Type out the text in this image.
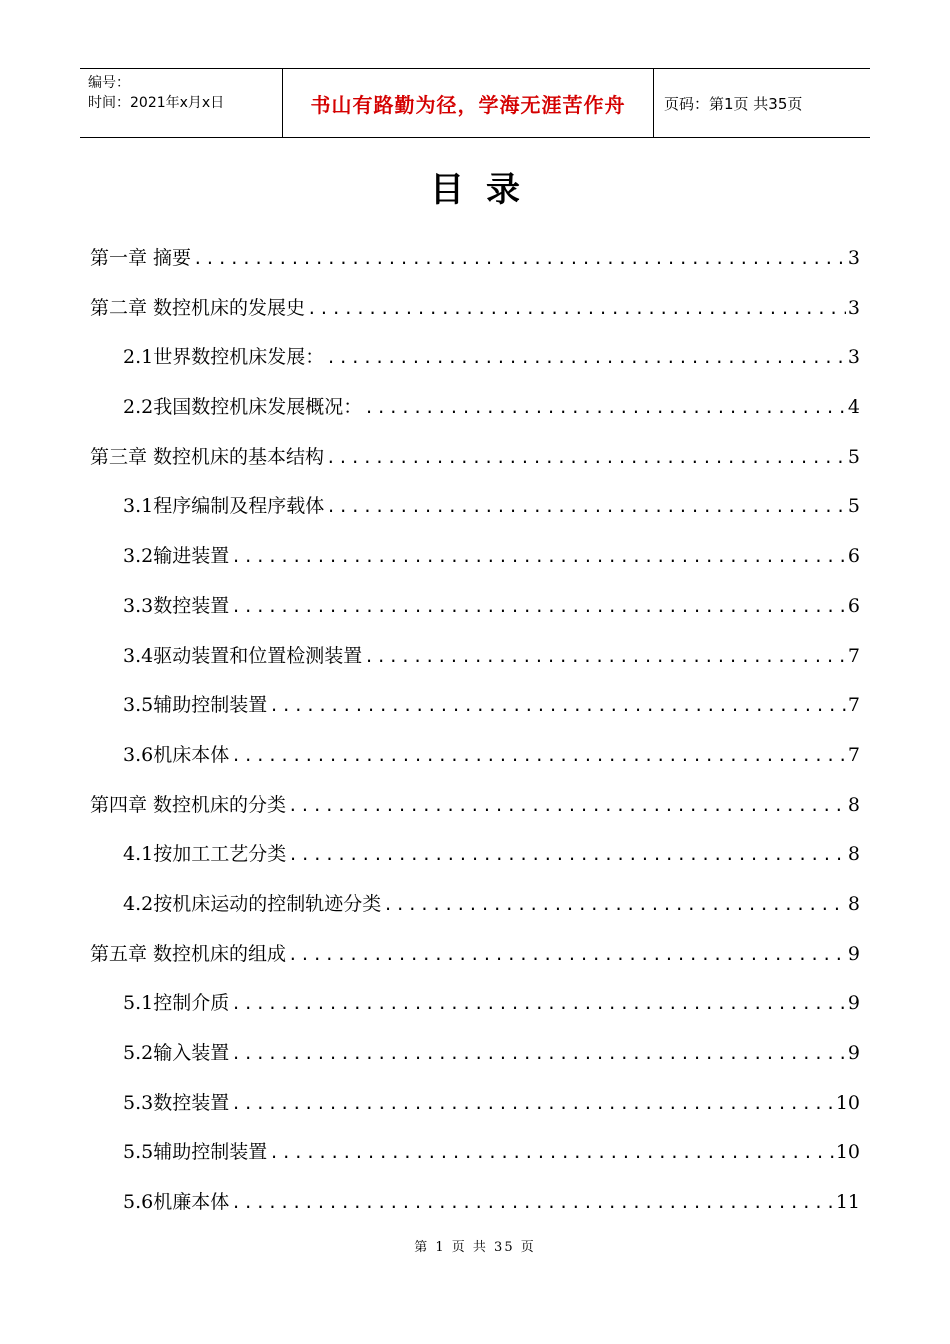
编号：
时间：2021年x月x日	书山有路勤为径，学海无涯苦作舟	页码：第1页 共35页
目录
第一章 摘要 .....	3
第二章 数控机床的发展史 .....	3
2.1世界数控机床发展： .....	3
2.2我国数控机床发展概况： .....	4
第三章 数控机床的基本结构 .....	5
3.1程序编制及程序载体 .....	5
3.2输进装置 .....	6
3.3数控装置 .....	6
3.4驱动装置和位置检测装置 .....	7
3.5辅助控制装置 .....	7
3.6机床本体 .....	7
第四章 数控机床的分类 .....	8
4.1按加工工艺分类 .....	8
4.2按机床运动的控制轨迹分类 .....	8
第五章 数控机床的组成 .....	9
5.1控制介质 .....	9
5.2输入装置 .....	9
5.3数控装置 .....	10
5.5辅助控制装置 .....	10
5.6机廉本体 .....	11
第 1 页 共 35 页
